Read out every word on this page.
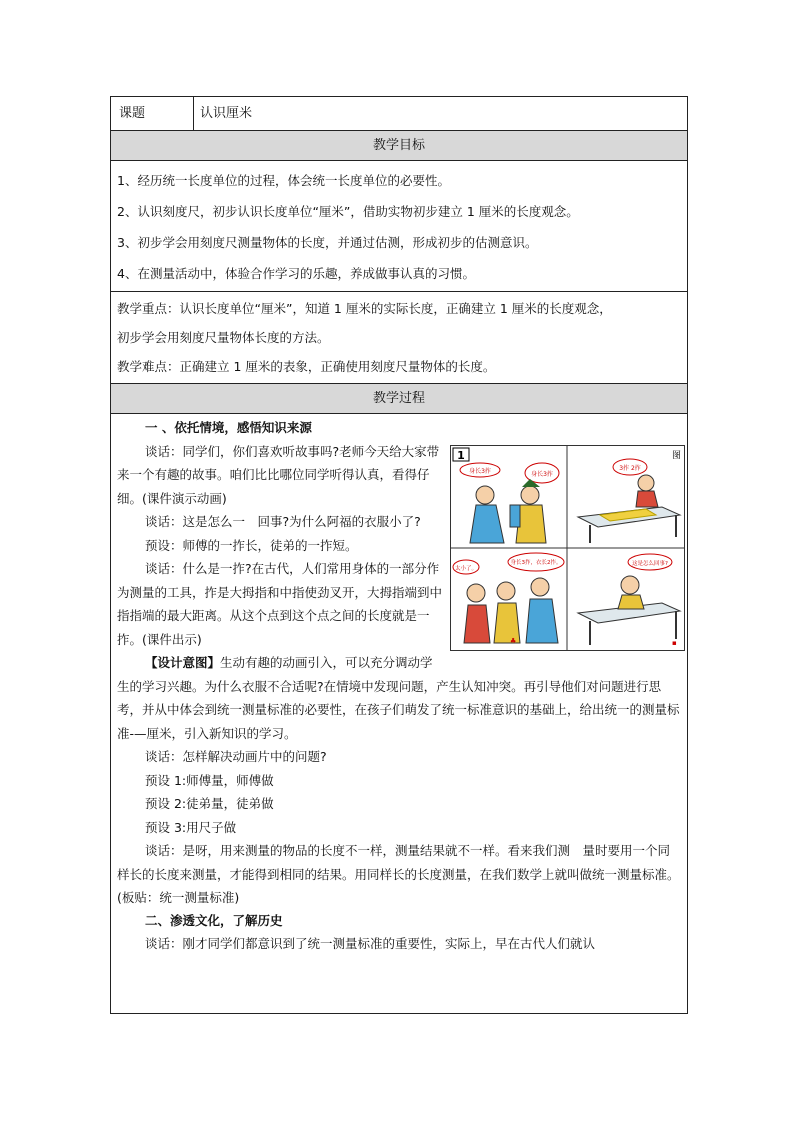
课题	认识厘米
教学目标

1、经历统一长度单位的过程，体会统一长度单位的必要性。

2、认识刻度尺，初步认识长度单位“厘米”，借助实物初步建立 1 厘米的长度观念。

3、初步学会用刻度尺测量物体的长度，并通过估测，形成初步的估测意识。

4、在测量活动中，体验合作学习的乐趣，养成做事认真的习惯。

教学重点：认识长度单位“厘米”，知道 1 厘米的实际长度，正确建立 1 厘米的长度观念，

初步学会用刻度尺量物体长度的方法。

教学难点：正确建立 1 厘米的表象，正确使用刻度尺量物体的长度。

教学过程

一 、依托情境，感悟知识来源

1	图
身长3拃	身长3拃
3拃 2拃
身长3拃，衣长2拃。
太小了。
♣
这是怎么回事?
▪

谈话：同学们，你们喜欢听故事吗?老师今天给大家带来一个有趣的故事。咱们比比哪位同学听得认真，看得仔细。(课件演示动画)

谈话：这是怎么一　回事?为什么阿福的衣服小了?

预设：师傅的一拃长，徒弟的一拃短。

谈话：什么是一拃?在古代，人们常用身体的一部分作为测量的工具，拃是大拇指和中指使劲叉开，大拇指端到中指指端的最大距离。从这个点到这个点之间的长度就是一拃。(课件出示)

【设计意图】生动有趣的动画引入，可以充分调动学生的学习兴趣。为什么衣服不合适呢?在情境中发现问题，产生认知冲突。再引导他们对问题进行思考，并从中体会到统一测量标准的必要性，在孩子们萌发了统一标准意识的基础上，给出统一的测量标准-—厘米，引入新知识的学习。

谈话：怎样解决动画片中的问题?

预设 1:师傅量，师傅做

预设 2:徒弟量，徒弟做

预设 3:用尺子做

谈话：是呀，用来测量的物品的长度不一样，测量结果就不一样。看来我们测　量时要用一个同样长的长度来测量，才能得到相同的结果。用同样长的长度测量，在我们数学上就叫做统一测量标准。(板贴：统一测量标准)

二、渗透文化，了解历史

谈话：刚才同学们都意识到了统一测量标准的重要性，实际上，早在古代人们就认
